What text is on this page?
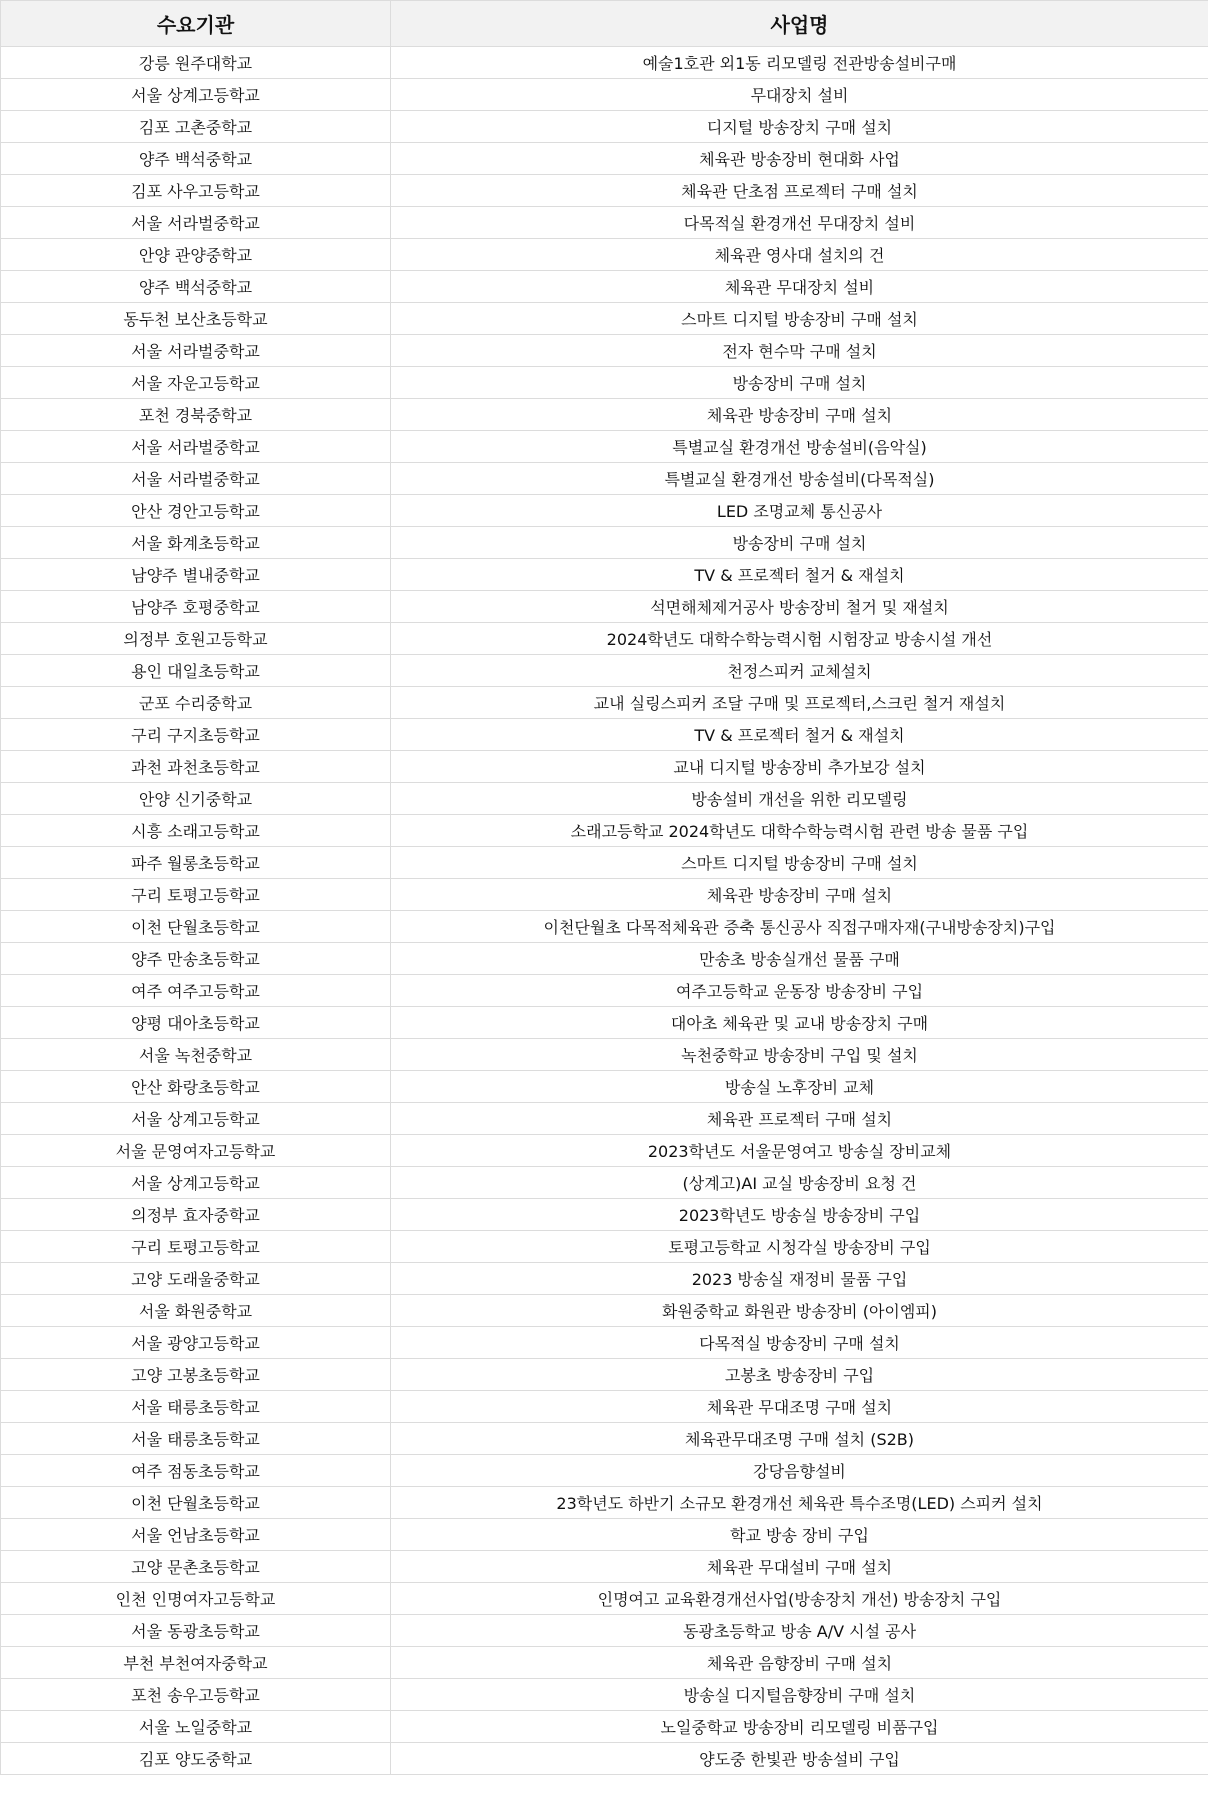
수요기관	사업명
강릉 원주대학교	예술1호관 외1동 리모델링 전관방송설비구매
서울 상계고등학교	무대장치 설비
김포 고촌중학교	디지털 방송장치 구매 설치
양주 백석중학교	체육관 방송장비 현대화 사업
김포 사우고등학교	체육관 단초점 프로젝터 구매 설치
서울 서라벌중학교	다목적실 환경개선 무대장치 설비
안양 관양중학교	체육관 영사대 설치의 건
양주 백석중학교	체육관 무대장치 설비
동두천 보산초등학교	스마트 디지털 방송장비 구매 설치
서울 서라벌중학교	전자 현수막 구매 설치
서울 자운고등학교	방송장비 구매 설치
포천 경북중학교	체육관 방송장비 구매 설치
서울 서라벌중학교	특별교실 환경개선 방송설비(음악실)
서울 서라벌중학교	특별교실 환경개선 방송설비(다목적실)
안산 경안고등학교	LED 조명교체 통신공사
서울 화계초등학교	방송장비 구매 설치
남양주 별내중학교	TV & 프로젝터 철거 & 재설치
남양주 호평중학교	석면해체제거공사 방송장비 철거 및 재설치
의정부 호원고등학교	2024학년도 대학수학능력시험 시험장교 방송시설 개선
용인 대일초등학교	천정스피커 교체설치
군포 수리중학교	교내 실링스피커 조달 구매 및 프로젝터,스크린 철거 재설치
구리 구지초등학교	TV & 프로젝터 철거 & 재설치
과천 과천초등학교	교내 디지털 방송장비 추가보강 설치
안양 신기중학교	방송설비 개선을 위한 리모델링
시흥 소래고등학교	소래고등학교 2024학년도 대학수학능력시험 관련 방송 물품 구입
파주 월롱초등학교	스마트 디지털 방송장비 구매 설치
구리 토평고등학교	체육관 방송장비 구매 설치
이천 단월초등학교	이천단월초 다목적체육관 증축 통신공사 직접구매자재(구내방송장치)구입
양주 만송초등학교	만송초 방송실개선 물품 구매
여주 여주고등학교	여주고등학교 운동장 방송장비 구입
양평 대아초등학교	대아초 체육관 및 교내 방송장치 구매
서울 녹천중학교	녹천중학교 방송장비 구입 및 설치
안산 화랑초등학교	방송실 노후장비 교체
서울 상계고등학교	체육관 프로젝터 구매 설치
서울 문영여자고등학교	2023학년도 서울문영여고 방송실 장비교체
서울 상계고등학교	(상계고)AI 교실 방송장비 요청 건
의정부 효자중학교	2023학년도 방송실 방송장비 구입
구리 토평고등학교	토평고등학교 시청각실 방송장비 구입
고양 도래울중학교	2023 방송실 재정비 물품 구입
서울 화원중학교	화원중학교 화원관 방송장비 (아이엠피)
서울 광양고등학교	다목적실 방송장비 구매 설치
고양 고봉초등학교	고봉초 방송장비 구입
서울 태릉초등학교	체육관 무대조명 구매 설치
서울 태릉초등학교	체육관무대조명 구매 설치 (S2B)
여주 점동초등학교	강당음향설비
이천 단월초등학교	23학년도 하반기 소규모 환경개선 체육관 특수조명(LED) 스피커 설치
서울 언남초등학교	학교 방송 장비 구입
고양 문촌초등학교	체육관 무대설비 구매 설치
인천 인명여자고등학교	인명여고 교육환경개선사업(방송장치 개선) 방송장치 구입
서울 동광초등학교	동광초등학교 방송 A/V 시설 공사
부천 부천여자중학교	체육관 음향장비 구매 설치
포천 송우고등학교	방송실 디지털음향장비 구매 설치
서울 노일중학교	노일중학교 방송장비 리모델링 비품구입
김포 양도중학교	양도중 한빛관 방송설비 구입
